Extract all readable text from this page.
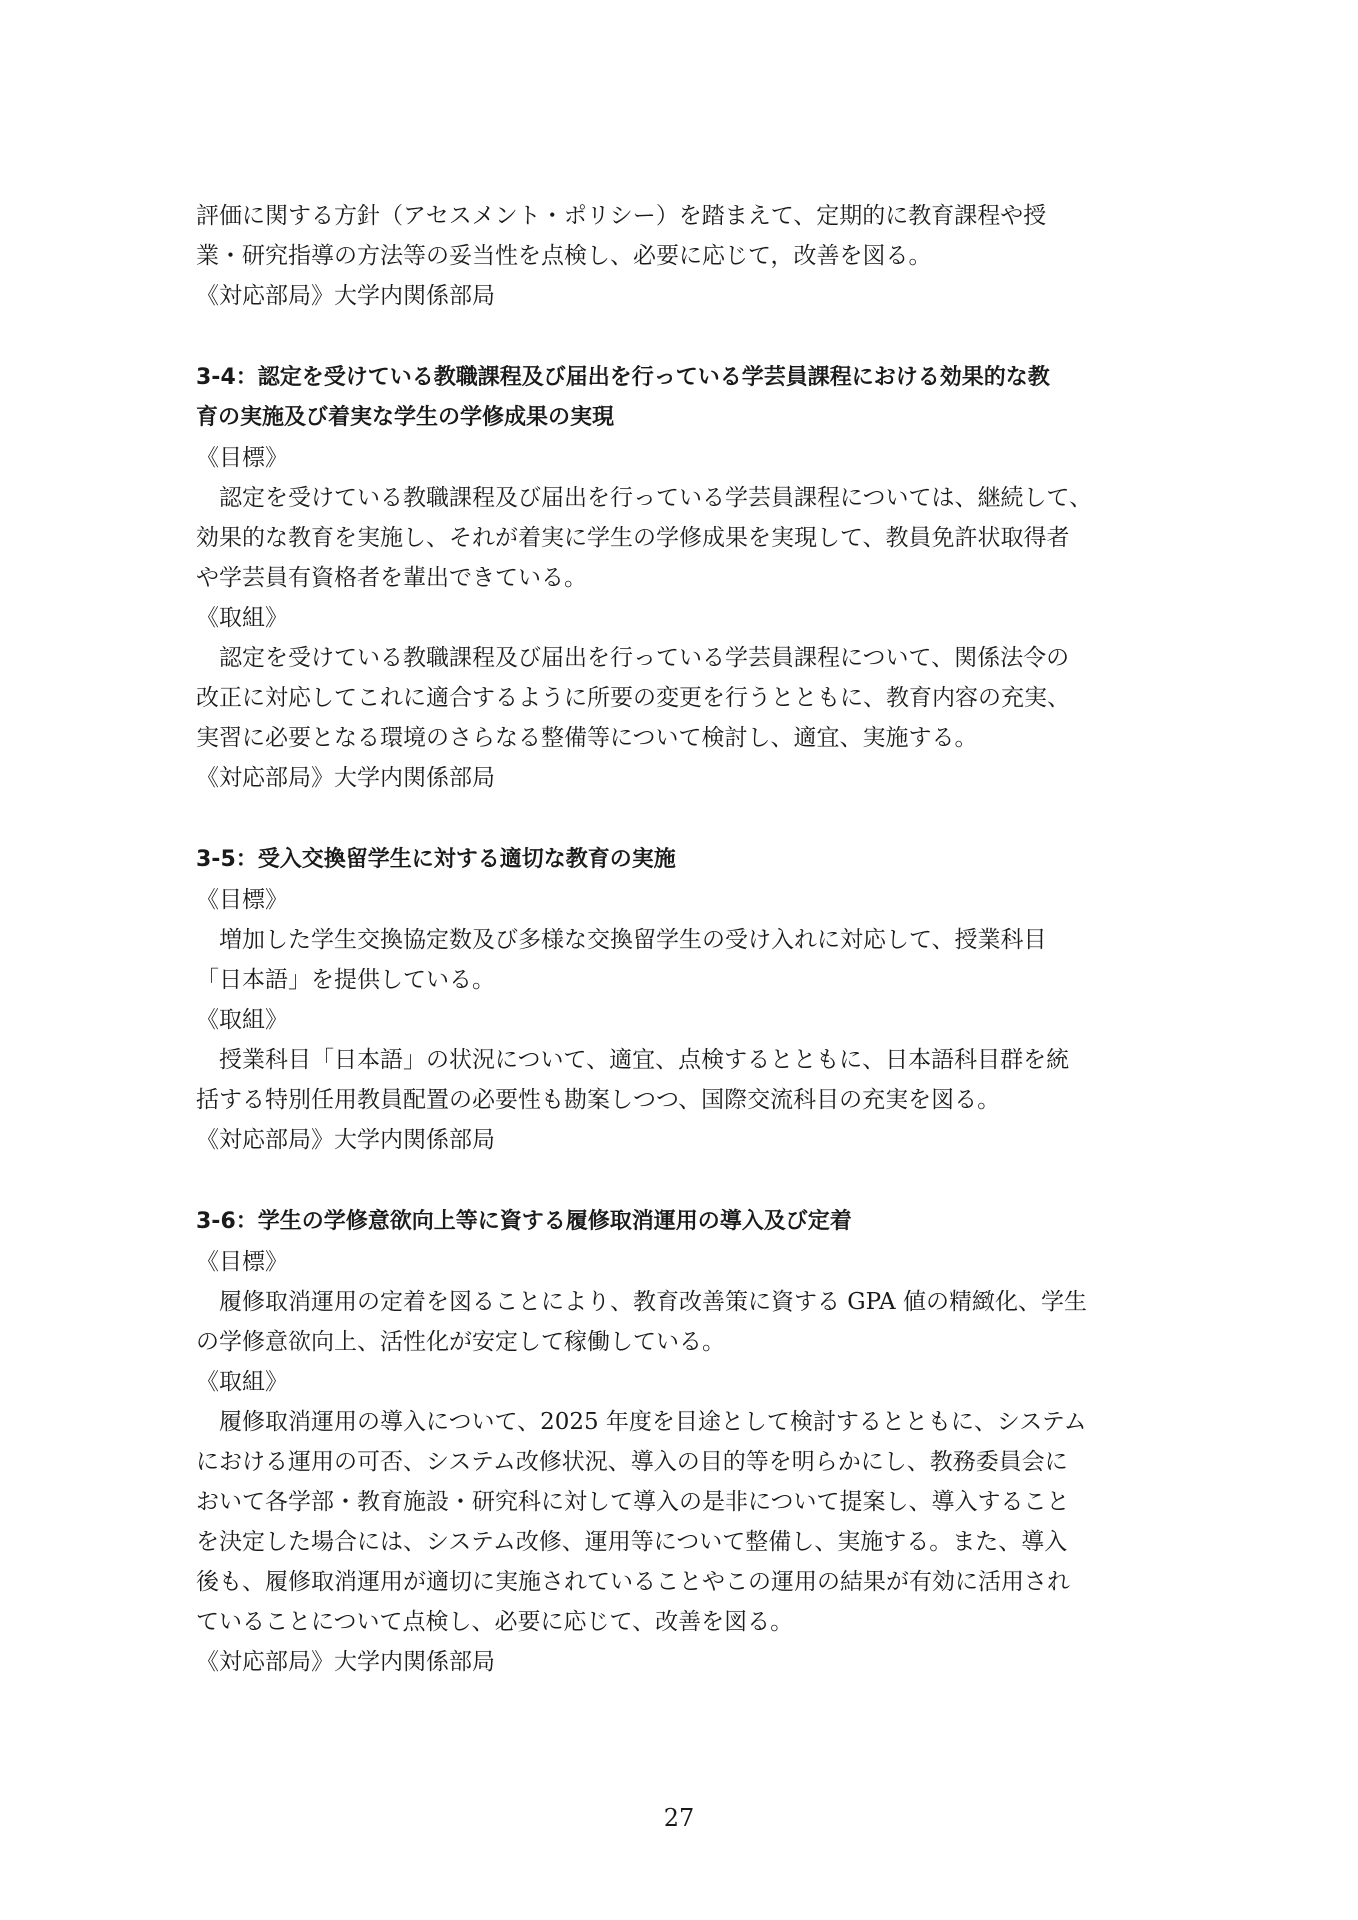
評価に関する方針（アセスメント・ポリシー）を踏まえて、定期的に教育課程や授
業・研究指導の方法等の妥当性を点検し、必要に応じて，改善を図る。
《対応部局》大学内関係部局
3-4：認定を受けている教職課程及び届出を行っている学芸員課程における効果的な教
育の実施及び着実な学生の学修成果の実現
《目標》
認定を受けている教職課程及び届出を行っている学芸員課程については、継続して、
効果的な教育を実施し、それが着実に学生の学修成果を実現して、教員免許状取得者
や学芸員有資格者を輩出できている。
《取組》
認定を受けている教職課程及び届出を行っている学芸員課程について、関係法令の
改正に対応してこれに適合するように所要の変更を行うとともに、教育内容の充実、
実習に必要となる環境のさらなる整備等について検討し、適宜、実施する。
《対応部局》大学内関係部局
3-5：受入交換留学生に対する適切な教育の実施
《目標》
増加した学生交換協定数及び多様な交換留学生の受け入れに対応して、授業科目
「日本語」を提供している。
《取組》
授業科目「日本語」の状況について、適宜、点検するとともに、日本語科目群を統
括する特別任用教員配置の必要性も勘案しつつ、国際交流科目の充実を図る。
《対応部局》大学内関係部局
3-6：学生の学修意欲向上等に資する履修取消運用の導入及び定着
《目標》
履修取消運用の定着を図ることにより、教育改善策に資する GPA 値の精緻化、学生
の学修意欲向上、活性化が安定して稼働している。
《取組》
履修取消運用の導入について、2025 年度を目途として検討するとともに、システム
における運用の可否、システム改修状況、導入の目的等を明らかにし、教務委員会に
おいて各学部・教育施設・研究科に対して導入の是非について提案し、導入すること
を決定した場合には、システム改修、運用等について整備し、実施する。また、導入
後も、履修取消運用が適切に実施されていることやこの運用の結果が有効に活用され
ていることについて点検し、必要に応じて、改善を図る。
《対応部局》大学内関係部局
27
